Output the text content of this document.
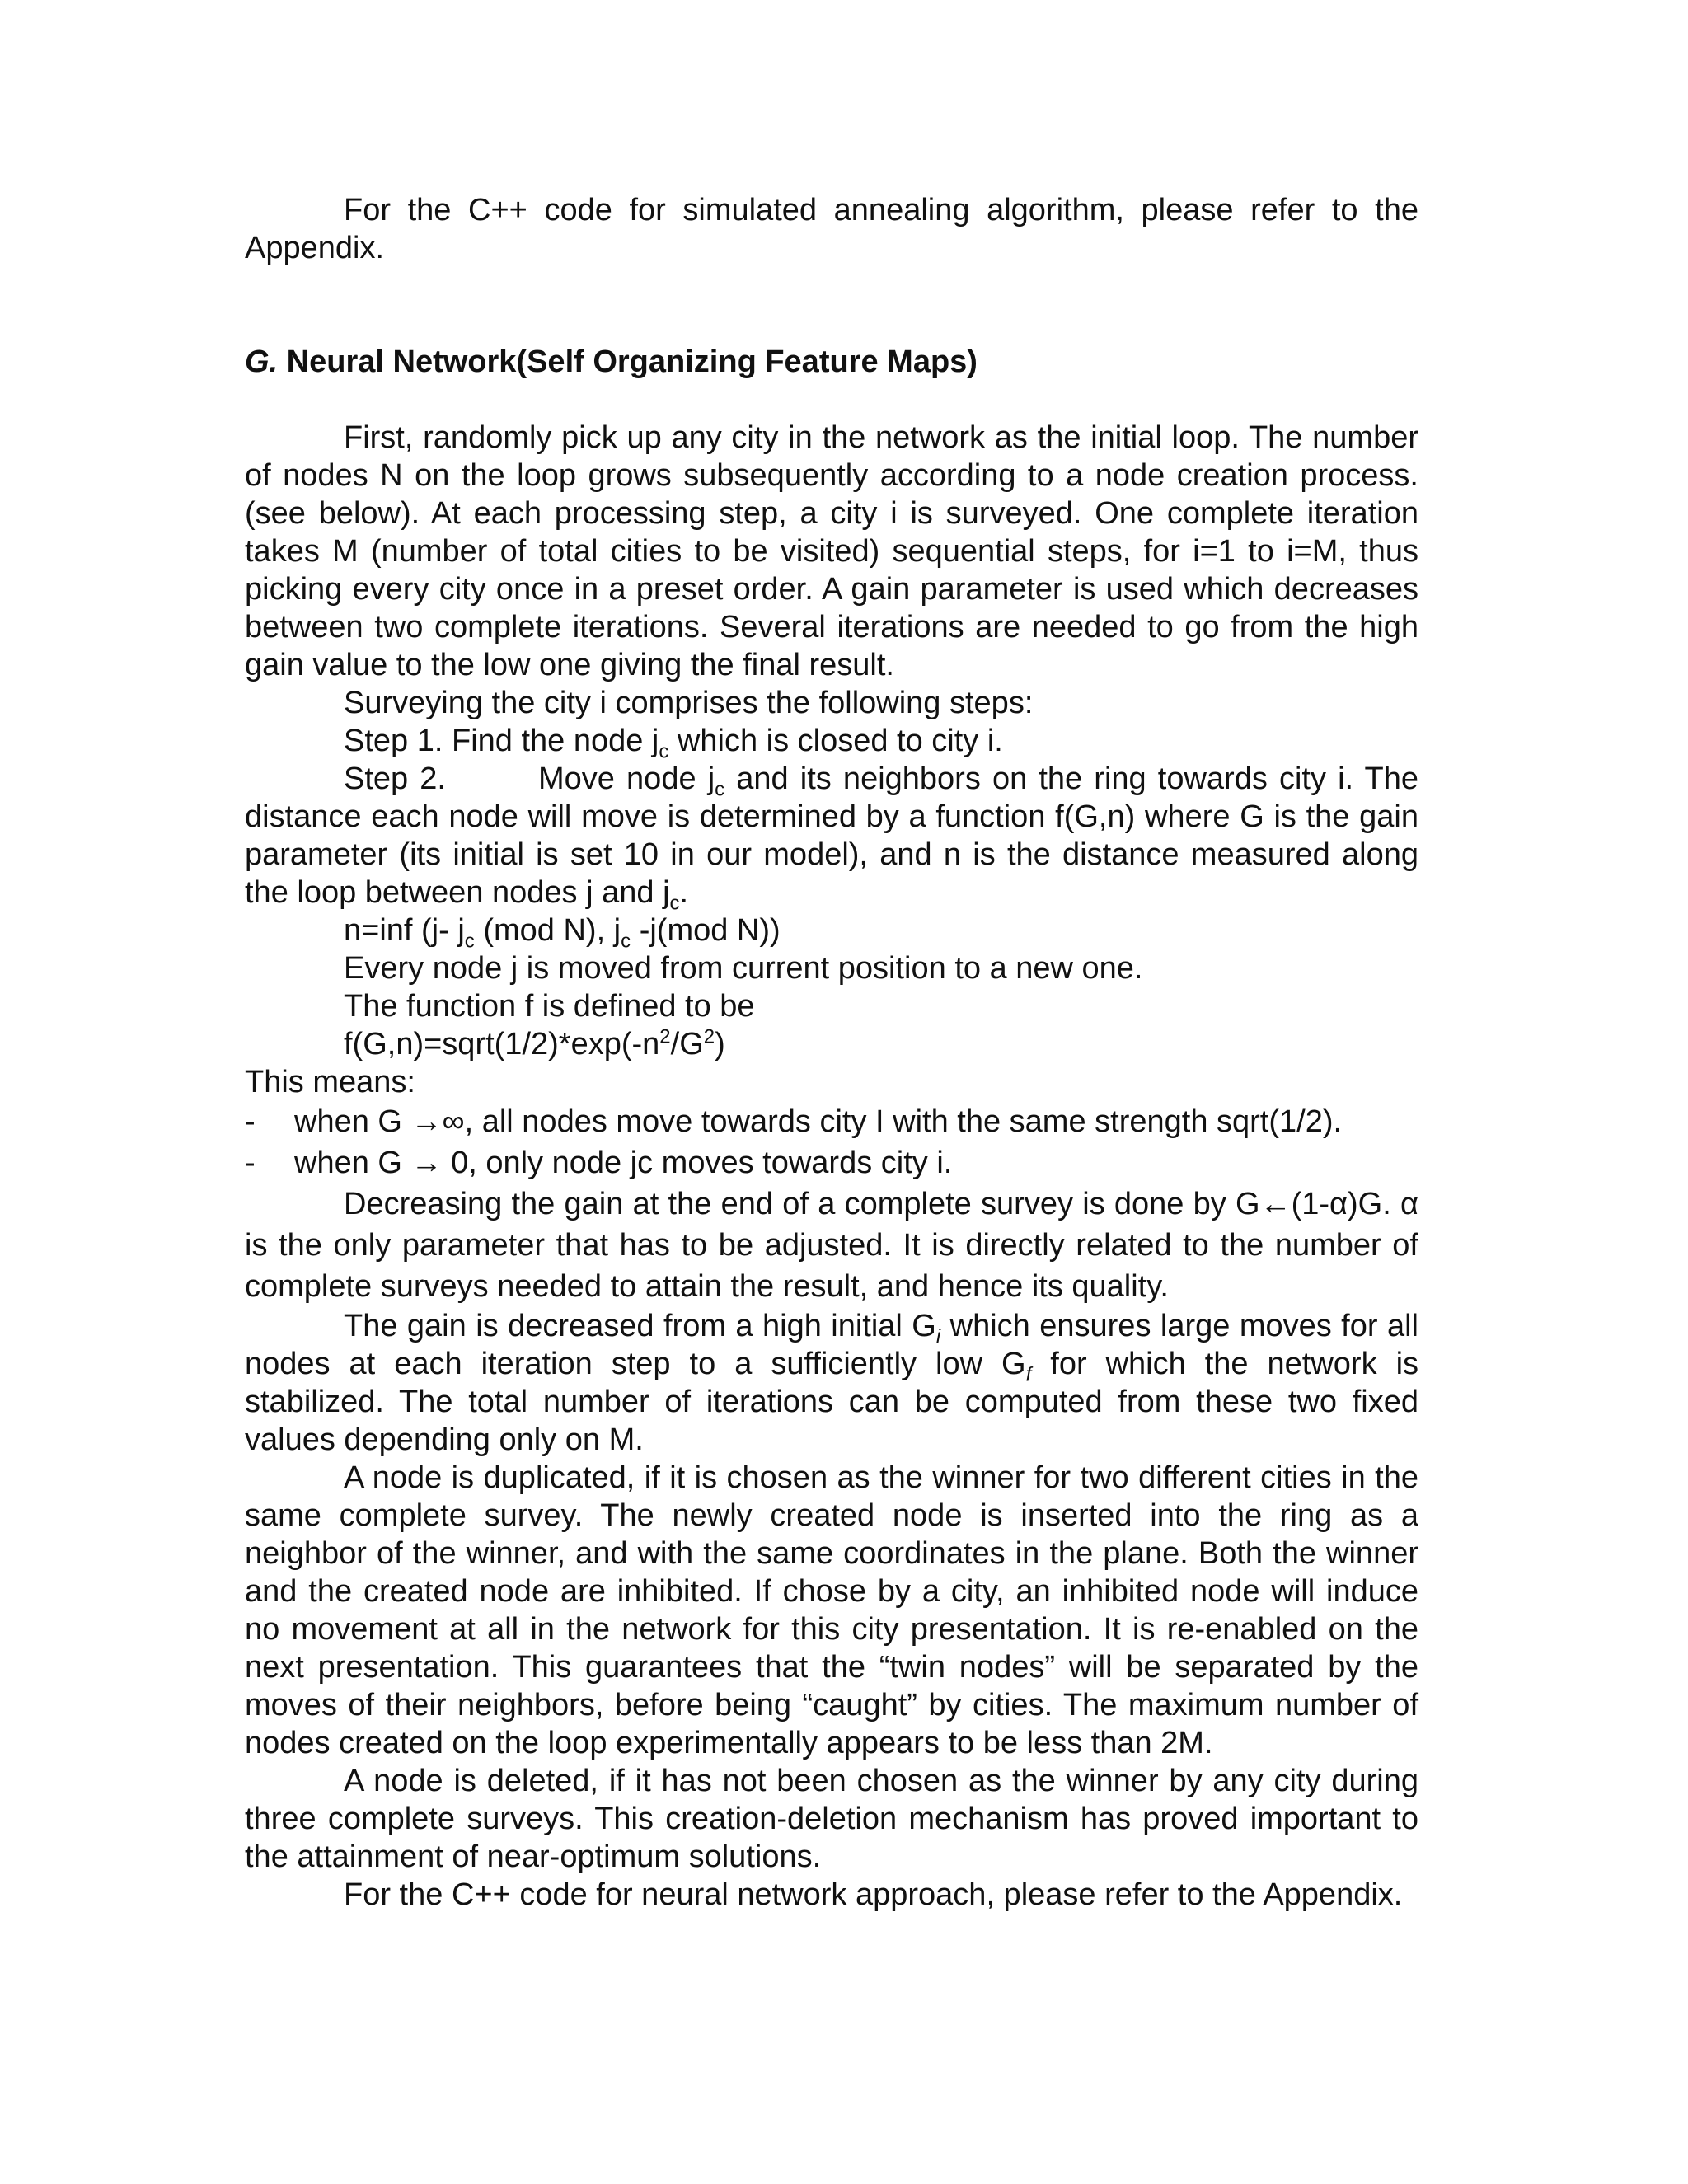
For the C++ code for simulated annealing algorithm, please refer to the Appendix.

G. Neural Network(Self Organizing Feature Maps)

First, randomly pick up any city in the network as the initial loop. The number of nodes N on the loop grows subsequently according to a node creation process. (see below). At each processing step, a city i is surveyed. One complete iteration takes M (number of total cities to be visited) sequential steps, for i=1 to i=M, thus picking every city once in a preset order. A gain parameter is used which decreases between two complete iterations. Several iterations are needed to go from the high gain value to the low one giving the final result.

Surveying the city i comprises the following steps:

Step 1. Find the node $j_c$ which is closed to city i.

Step 2.	Move node $j_c$ and its neighbors on the ring towards city i. The distance each node will move is determined by a function f(G,n) where G is the gain parameter (its initial is set 10 in our model), and n is the distance measured along the loop between nodes j and $j_c$.

n=inf (j- $j_c$ (mod N), $j_c$ -j(mod N))

Every node j is moved from current position to a new one.

The function f is defined to be

$f(G,n)=sqrt(1/2)*\exp(-n^2/G^2)$

This means:

- when G →∞, all nodes move towards city I with the same strength sqrt(1/2).

- when G → 0, only node jc moves towards city i.

Decreasing the gain at the end of a complete survey is done by G←(1-α)G. α is the only parameter that has to be adjusted. It is directly related to the number of complete surveys needed to attain the result, and hence its quality.

The gain is decreased from a high initial $G_i$ which ensures large moves for all nodes at each iteration step to a sufficiently low $G_f$ for which the network is stabilized. The total number of iterations can be computed from these two fixed values depending only on M.

A node is duplicated, if it is chosen as the winner for two different cities in the same complete survey. The newly created node is inserted into the ring as a neighbor of the winner, and with the same coordinates in the plane. Both the winner and the created node are inhibited. If chose by a city, an inhibited node will induce no movement at all in the network for this city presentation. It is re-enabled on the next presentation. This guarantees that the “twin nodes” will be separated by the moves of their neighbors, before being “caught” by cities. The maximum number of nodes created on the loop experimentally appears to be less than 2M.

A node is deleted, if it has not been chosen as the winner by any city during three complete surveys. This creation-deletion mechanism has proved important to the attainment of near-optimum solutions.

For the C++ code for neural network approach, please refer to the Appendix.
